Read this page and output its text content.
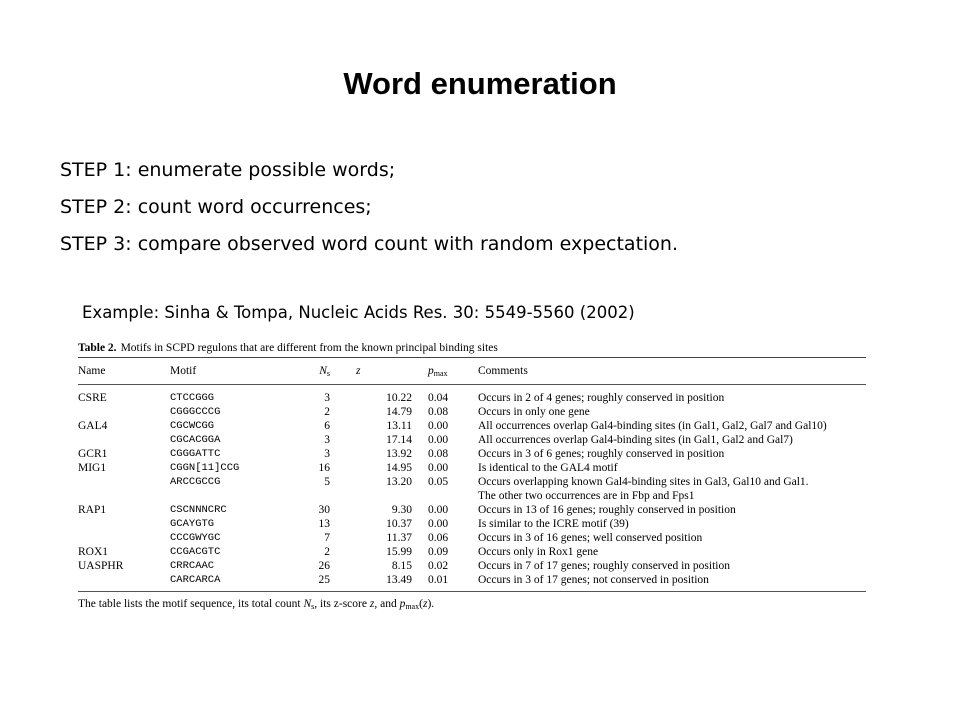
Word enumeration
STEP 1: enumerate possible words;
STEP 2: count word occurrences;
STEP 3: compare observed word count with random expectation.
Example: Sinha & Tompa, Nucleic Acids Res. 30: 5549-5560 (2002)
Table 2. Motifs in SCPD regulons that are different from the known principal binding sites
Name	Motif	$N_s$		z		$p_{max}$	Comments
CSRE	CTCCGGG	3		10.22		0.04	Occurs in 2 of 4 genes; roughly conserved in position
	CGGGCCCG	2		14.79		0.08	Occurs in only one gene
GAL4	CGCWCGG	6		13.11		0.00	All occurrences overlap Gal4-binding sites (in Gal1, Gal2, Gal7 and Gal10)
	CGCACGGA	3		17.14		0.00	All occurrences overlap Gal4-binding sites (in Gal1, Gal2 and Gal7)
GCR1	CGGGATTC	3		13.92		0.08	Occurs in 3 of 6 genes; roughly conserved in position
MIG1	CGGN[11]CCG	16		14.95		0.00	Is identical to the GAL4 motif
	ARCCGCCG	5		13.20		0.05	Occurs overlapping known Gal4-binding sites in Gal3, Gal10 and Gal1.
							The other two occurrences are in Fbp and Fps1
RAP1	CSCNNNCRC	30		9.30		0.00	Occurs in 13 of 16 genes; roughly conserved in position
	GCAYGTG	13		10.37		0.00	Is similar to the ICRE motif (39)
	CCCGWYGC	7		11.37		0.06	Occurs in 3 of 16 genes; well conserved position
ROX1	CCGACGTC	2		15.99		0.09	Occurs only in Rox1 gene
UASPHR	CRRCAAC	26		8.15		0.02	Occurs in 7 of 17 genes; roughly conserved in position
	CARCARCA	25		13.49		0.01	Occurs in 3 of 17 genes; not conserved in position
The table lists the motif sequence, its total count $N_s$, its z-score z, and $p_{max}(z)$.
